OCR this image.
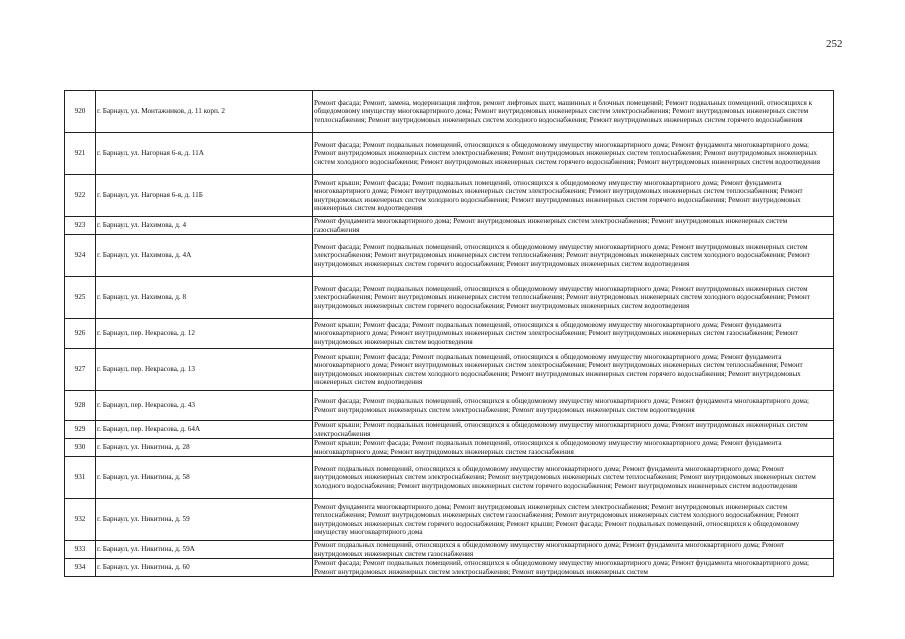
252
920	г. Барнаул, ул. Монтажников, д. 11 корп. 2	Ремонт фасада; Ремонт, замена, модернизация лифтов, ремонт лифтовых шахт, машинных и блочных помещений; Ремонт подвальных помещений, относящихся к общедомовому имуществу многоквартирного дома; Ремонт внутридомовых инженерных систем электроснабжения; Ремонт внутридомовых инженерных систем теплоснабжения; Ремонт внутридомовых инженерных систем холодного водоснабжения; Ремонт внутридомовых инженерных систем горячего водоснабжения
921	г. Барнаул, ул. Нагорная 6-я, д. 11А	Ремонт фасада; Ремонт подвальных помещений, относящихся к общедомовому имуществу многоквартирного дома; Ремонт фундамента многоквартирного дома; Ремонт внутридомовых инженерных систем электроснабжения; Ремонт внутридомовых инженерных систем теплоснабжения; Ремонт внутридомовых инженерных систем холодного водоснабжения; Ремонт внутридомовых инженерных систем горячего водоснабжения; Ремонт внутридомовых инженерных систем водоотведения
922	г. Барнаул, ул. Нагорная 6-я, д. 11Б	Ремонт крыши; Ремонт фасада; Ремонт подвальных помещений, относящихся к общедомовому имуществу многоквартирного дома; Ремонт фундамента многоквартирного дома; Ремонт внутридомовых инженерных систем электроснабжения; Ремонт внутридомовых инженерных систем теплоснабжения; Ремонт внутридомовых инженерных систем холодного водоснабжения; Ремонт внутридомовых инженерных систем горячего водоснабжения; Ремонт внутридомовых инженерных систем водоотведения
923	г. Барнаул, ул. Нахимова, д. 4	Ремонт фундамента многоквартирного дома; Ремонт внутридомовых инженерных систем электроснабжения; Ремонт внутридомовых инженерных систем газоснабжения
924	г. Барнаул, ул. Нахимова, д. 4А	Ремонт фасада; Ремонт подвальных помещений, относящихся к общедомовому имуществу многоквартирного дома; Ремонт внутридомовых инженерных систем электроснабжения; Ремонт внутридомовых инженерных систем теплоснабжения; Ремонт внутридомовых инженерных систем холодного водоснабжения; Ремонт внутридомовых инженерных систем горячего водоснабжения; Ремонт внутридомовых инженерных систем водоотведения
925	г. Барнаул, ул. Нахимова, д. 8	Ремонт фасада; Ремонт подвальных помещений, относящихся к общедомовому имуществу многоквартирного дома; Ремонт внутридомовых инженерных систем электроснабжения; Ремонт внутридомовых инженерных систем теплоснабжения; Ремонт внутридомовых инженерных систем холодного водоснабжения; Ремонт внутридомовых инженерных систем горячего водоснабжения; Ремонт внутридомовых инженерных систем водоотведения
926	г. Барнаул, пер. Некрасова, д. 12	Ремонт крыши; Ремонт фасада; Ремонт подвальных помещений, относящихся к общедомовому имуществу многоквартирного дома; Ремонт фундамента многоквартирного дома; Ремонт внутридомовых инженерных систем электроснабжения; Ремонт внутридомовых инженерных систем газоснабжения; Ремонт внутридомовых инженерных систем водоотведения
927	г. Барнаул, пер. Некрасова, д. 13	Ремонт крыши; Ремонт фасада; Ремонт подвальных помещений, относящихся к общедомовому имуществу многоквартирного дома; Ремонт фундамента многоквартирного дома; Ремонт внутридомовых инженерных систем электроснабжения; Ремонт внутридомовых инженерных систем теплоснабжения; Ремонт внутридомовых инженерных систем холодного водоснабжения; Ремонт внутридомовых инженерных систем горячего водоснабжения; Ремонт внутридомовых инженерных систем водоотведения
928	г. Барнаул, пер. Некрасова, д. 43	Ремонт фасада; Ремонт подвальных помещений, относящихся к общедомовому имуществу многоквартирного дома; Ремонт фундамента многоквартирного дома; Ремонт внутридомовых инженерных систем электроснабжения; Ремонт внутридомовых инженерных систем водоотведения
929	г. Барнаул, пер. Некрасова, д. 64А	Ремонт крыши; Ремонт подвальных помещений, относящихся к общедомовому имуществу многоквартирного дома; Ремонт внутридомовых инженерных систем электроснабжения
930	г. Барнаул, ул. Никитина, д. 28	Ремонт крыши; Ремонт фасада; Ремонт подвальных помещений, относящихся к общедомовому имуществу многоквартирного дома; Ремонт фундамента многоквартирного дома; Ремонт внутридомовых инженерных систем газоснабжения
931	г. Барнаул, ул. Никитина, д. 58	Ремонт подвальных помещений, относящихся к общедомовому имуществу многоквартирного дома; Ремонт фундамента многоквартирного дома; Ремонт внутридомовых инженерных систем электроснабжения; Ремонт внутридомовых инженерных систем теплоснабжения; Ремонт внутридомовых инженерных систем холодного водоснабжения; Ремонт внутридомовых инженерных систем горячего водоснабжения; Ремонт внутридомовых инженерных систем водоотведения
932	г. Барнаул, ул. Никитина, д. 59	Ремонт фундамента многоквартирного дома; Ремонт внутридомовых инженерных систем электроснабжения; Ремонт внутридомовых инженерных систем теплоснабжения; Ремонт внутридомовых инженерных систем газоснабжения; Ремонт внутридомовых инженерных систем холодного водоснабжения; Ремонт внутридомовых инженерных систем горячего водоснабжения; Ремонт крыши; Ремонт фасада; Ремонт подвальных помещений, относящихся к общедомовому имуществу многоквартирного дома
933	г. Барнаул, ул. Никитина, д. 59А	Ремонт подвальных помещений, относящихся к общедомовому имуществу многоквартирного дома; Ремонт фундамента многоквартирного дома; Ремонт внутридомовых инженерных систем газоснабжения
934	г. Барнаул, ул. Никитина, д. 60	Ремонт фасада; Ремонт подвальных помещений, относящихся к общедомовому имуществу многоквартирного дома; Ремонт фундамента многоквартирного дома; Ремонт внутридомовых инженерных систем электроснабжения; Ремонт внутридомовых инженерных систем
